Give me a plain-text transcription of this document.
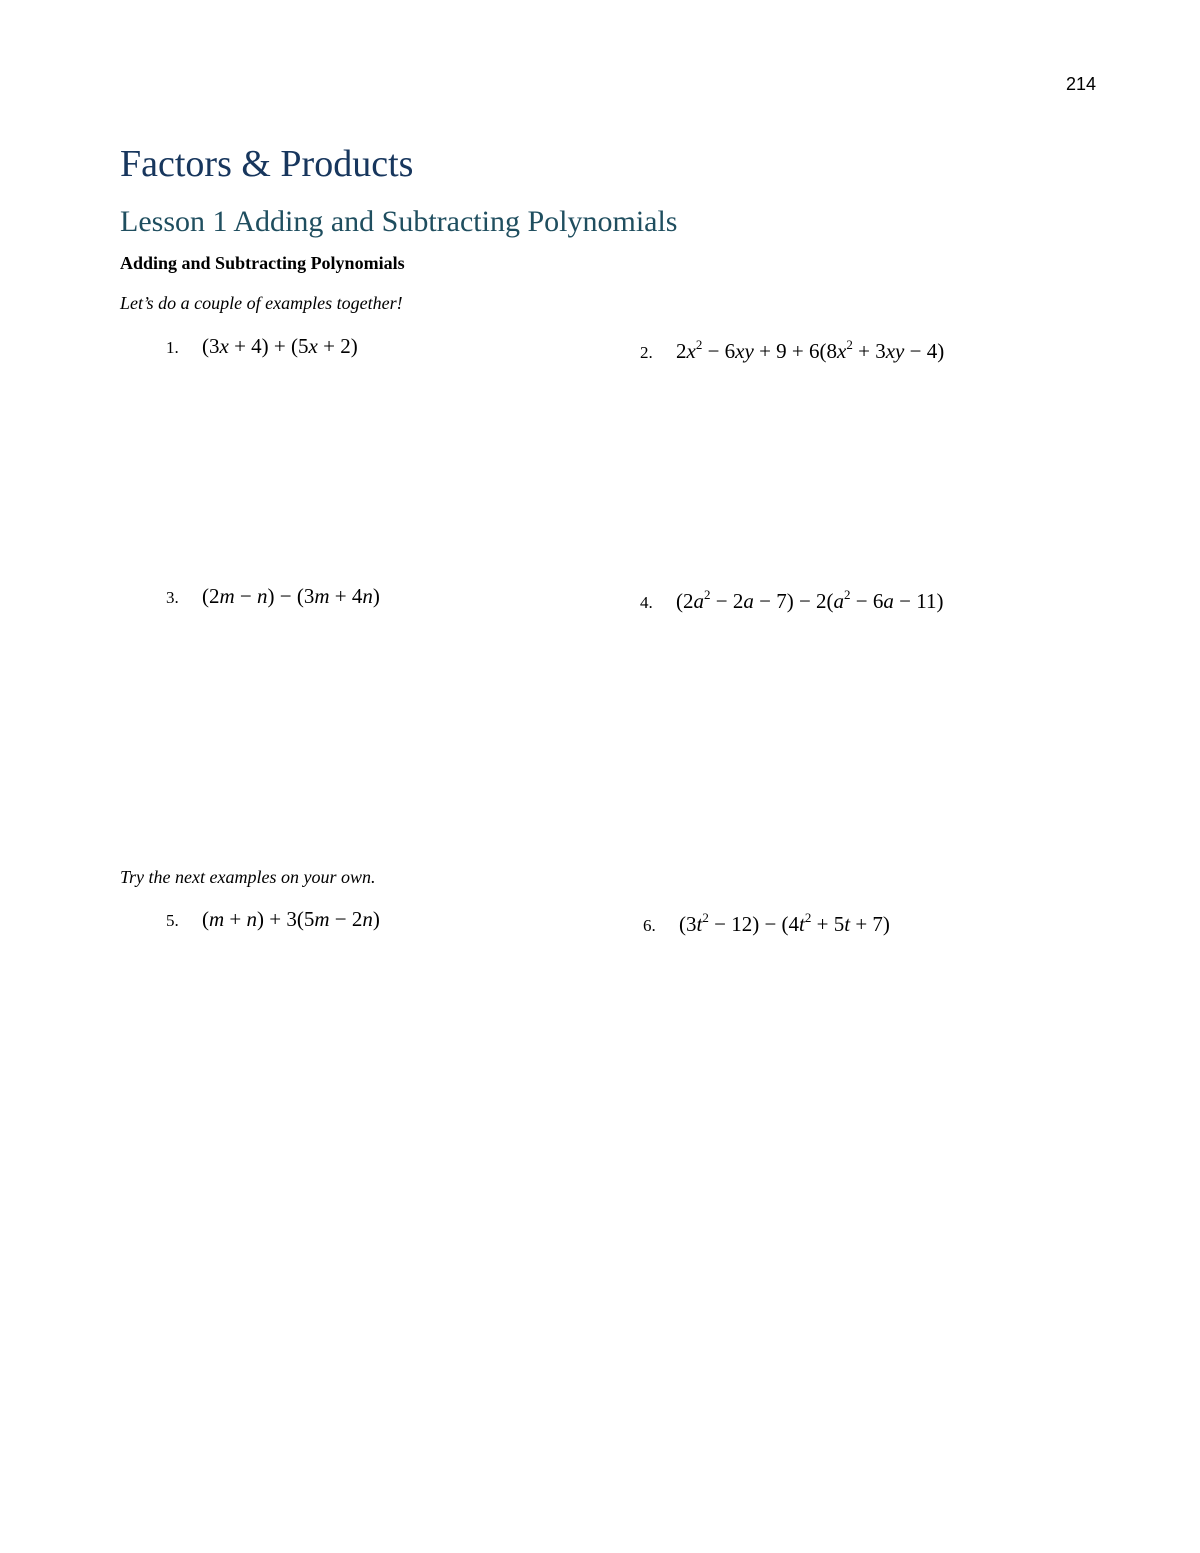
214
Factors & Products
Lesson 1 Adding and Subtracting Polynomials
Adding and Subtracting Polynomials

Let’s do a couple of examples together!

1.	(3x + 4) + (5x + 2)	2.	$2x^2 - 6xy + 9 + 6(8x^2 + 3xy - 4)$
3.	(2m − n) − (3m + 4n)	4.	$(2a^2 - 2a - 7) - 2(a^2 - 6a - 11)$

Try the next examples on your own.

5.	(m + n) + 3(5m − 2n)	6.	$(3t^2 - 12) - (4t^2 + 5t + 7)$
